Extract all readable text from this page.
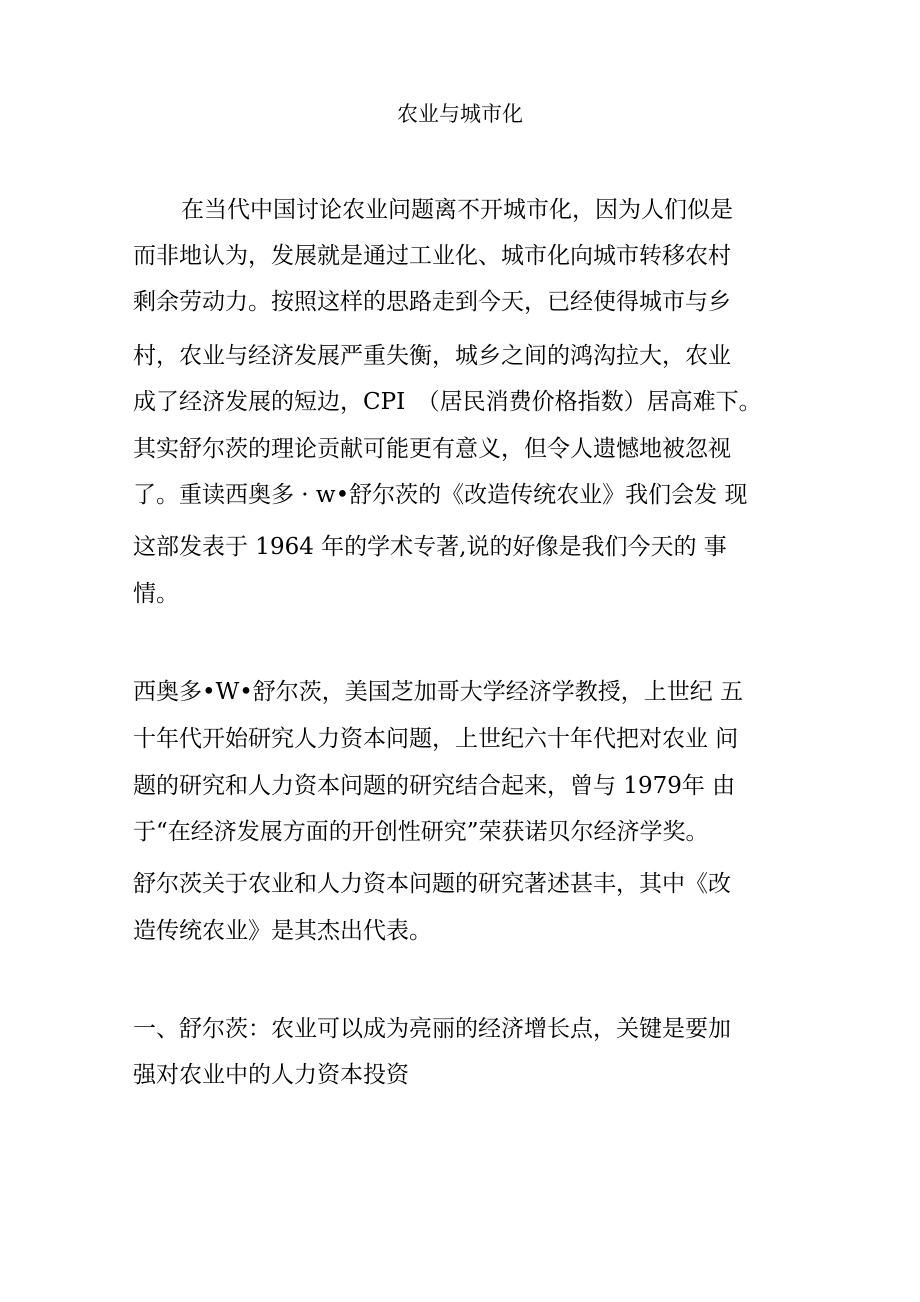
农业与城市化
在当代中国讨论农业问题离不开城市化，因为人们似是
而非地认为，发展就是通过工业化、城市化向城市转移农村
剩余劳动力。按照这样的思路走到今天，已经使得城市与乡
村，农业与经济发展严重失衡，城乡之间的鸿沟拉大，农业
成了经济发展的短边，CPI　（居民消费价格指数）居高难下。
其实舒尔茨的理论贡献可能更有意义，但令人遗憾地被忽视
了。重读西奥多 · w•舒尔茨的《改造传统农业》我们会发 现
这部发表于 1964 年的学术专著,说的好像是我们今天的 事
情。
西奥多•W•舒尔茨，美国芝加哥大学经济学教授，上世纪 五
十年代开始研究人力资本问题，上世纪六十年代把对农业 问
题的研究和人力资本问题的研究结合起来，曾与 1979年 由
于“在经济发展方面的开创性研究”荣获诺贝尔经济学奖。
舒尔茨关于农业和人力资本问题的研究著述甚丰，其中《改
造传统农业》是其杰出代表。
一、舒尔茨：农业可以成为亮丽的经济增长点，关键是要加
强对农业中的人力资本投资
